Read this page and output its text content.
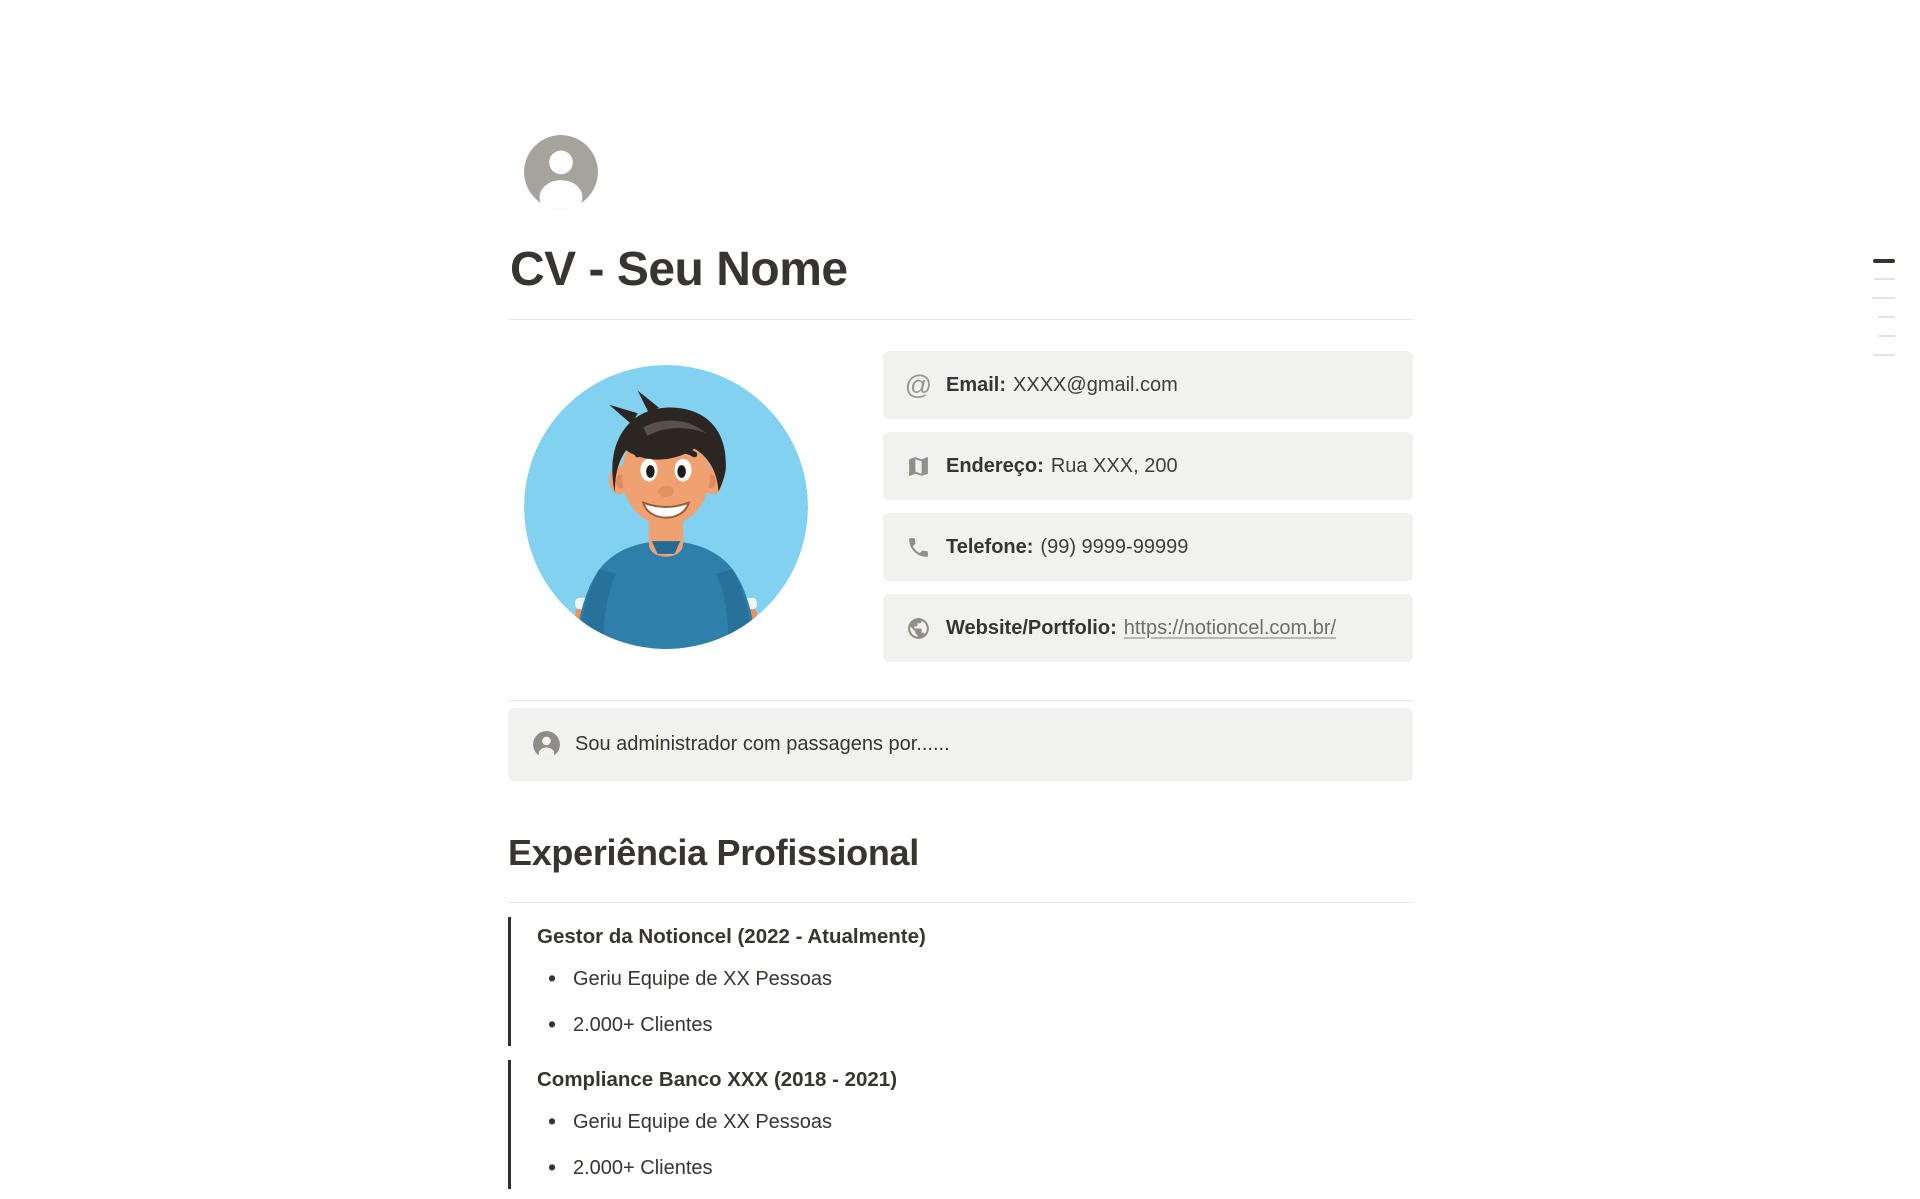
CV - Seu Nome
@ Email: XXXX@gmail.com
Endereço: Rua XXX, 200
Telefone: (99) 9999-99999
Website/Portfolio: https://notioncel.com.br/
Sou administrador com passagens por......
Experiência Profissional
Gestor da Notioncel (2022 - Atualmente)
• Geriu Equipe de XX Pessoas
• 2.000+ Clientes
Compliance Banco XXX (2018 - 2021)
• Geriu Equipe de XX Pessoas
• 2.000+ Clientes
